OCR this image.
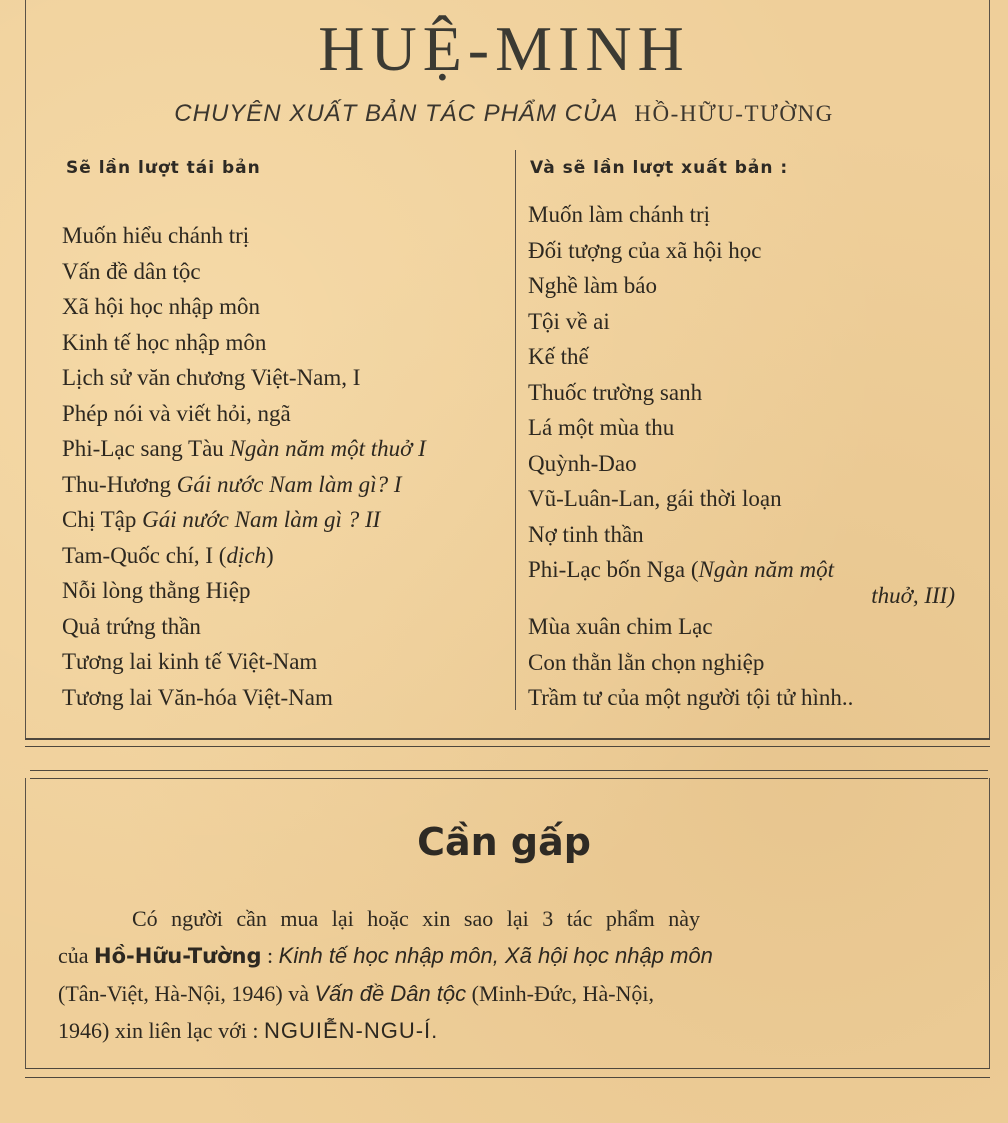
HUỆ-MINH
CHUYÊN XUẤT BẢN TÁC PHẨM CỦA HỒ-HỮU-TƯỜNG
Sẽ lần lượt tái bản	Và sẽ lần lượt xuất bản :
Muốn hiểu chánh trị
Vấn đề dân tộc
Xã hội học nhập môn
Kinh tế học nhập môn
Lịch sử văn chương Việt-Nam, I
Phép nói và viết hỏi, ngã
Phi-Lạc sang Tàu Ngàn năm một thuở I
Thu-Hương Gái nước Nam làm gì? I
Chị Tập Gái nước Nam làm gì ? II
Tam-Quốc chí, I (dịch)
Nỗi lòng thằng Hiệp
Quả trứng thần
Tương lai kinh tế Việt-Nam
Tương lai Văn-hóa Việt-Nam
Muốn làm chánh trị
Đối tượng của xã hội học
Nghề làm báo
Tội về ai
Kế thế
Thuốc trường sanh
Lá một mùa thu
Quỳnh-Dao
Vũ-Luân-Lan, gái thời loạn
Nợ tinh thần
Phi-Lạc bốn Nga (Ngàn năm một
thuở, III)
Mùa xuân chim Lạc
Con thằn lằn chọn nghiệp
Trầm tư của một người tội tử hình..
Cần gấp
Có người cần mua lại hoặc xin sao lại 3 tác phẩm này
của Hồ-Hữu-Tường : Kinh tế học nhập môn, Xã hội học nhập môn
(Tân-Việt, Hà-Nội, 1946) và Vấn đề Dân tộc (Minh-Đức, Hà-Nội,
1946) xin liên lạc với : NGUIỄN-NGU-Í.
